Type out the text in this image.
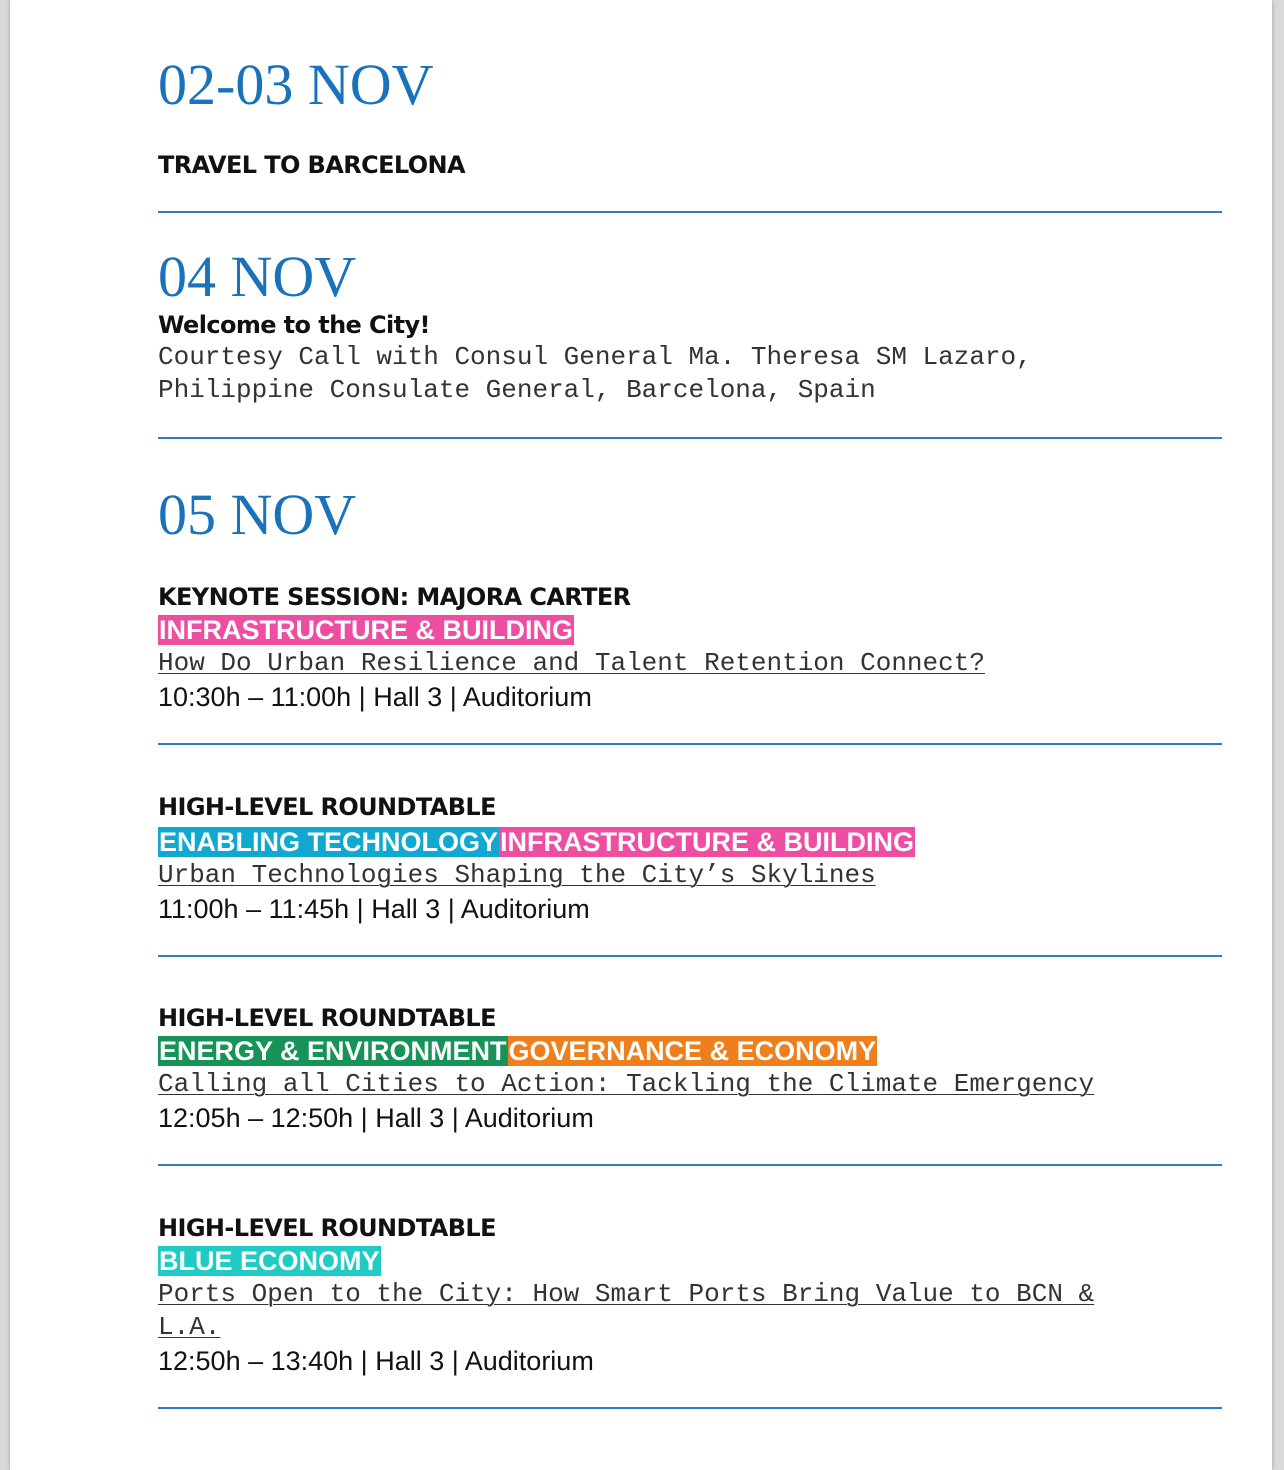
02-03 NOV
TRAVEL TO BARCELONA
04 NOV
Welcome to the City!
Courtesy Call with Consul General Ma. Theresa SM Lazaro,
Philippine Consulate General, Barcelona, Spain
05 NOV
KEYNOTE SESSION: MAJORA CARTER
INFRASTRUCTURE & BUILDING
How Do Urban Resilience and Talent Retention Connect?
10:30h – 11:00h | Hall 3 | Auditorium
HIGH-LEVEL ROUNDTABLE
ENABLING TECHNOLOGY INFRASTRUCTURE & BUILDING
Urban Technologies Shaping the City’s Skylines
11:00h – 11:45h | Hall 3 | Auditorium
HIGH-LEVEL ROUNDTABLE
ENERGY & ENVIRONMENT GOVERNANCE & ECONOMY
Calling all Cities to Action: Tackling the Climate Emergency
12:05h – 12:50h | Hall 3 | Auditorium
HIGH-LEVEL ROUNDTABLE
BLUE ECONOMY
Ports Open to the City: How Smart Ports Bring Value to BCN &
L.A.
12:50h – 13:40h | Hall 3 | Auditorium
